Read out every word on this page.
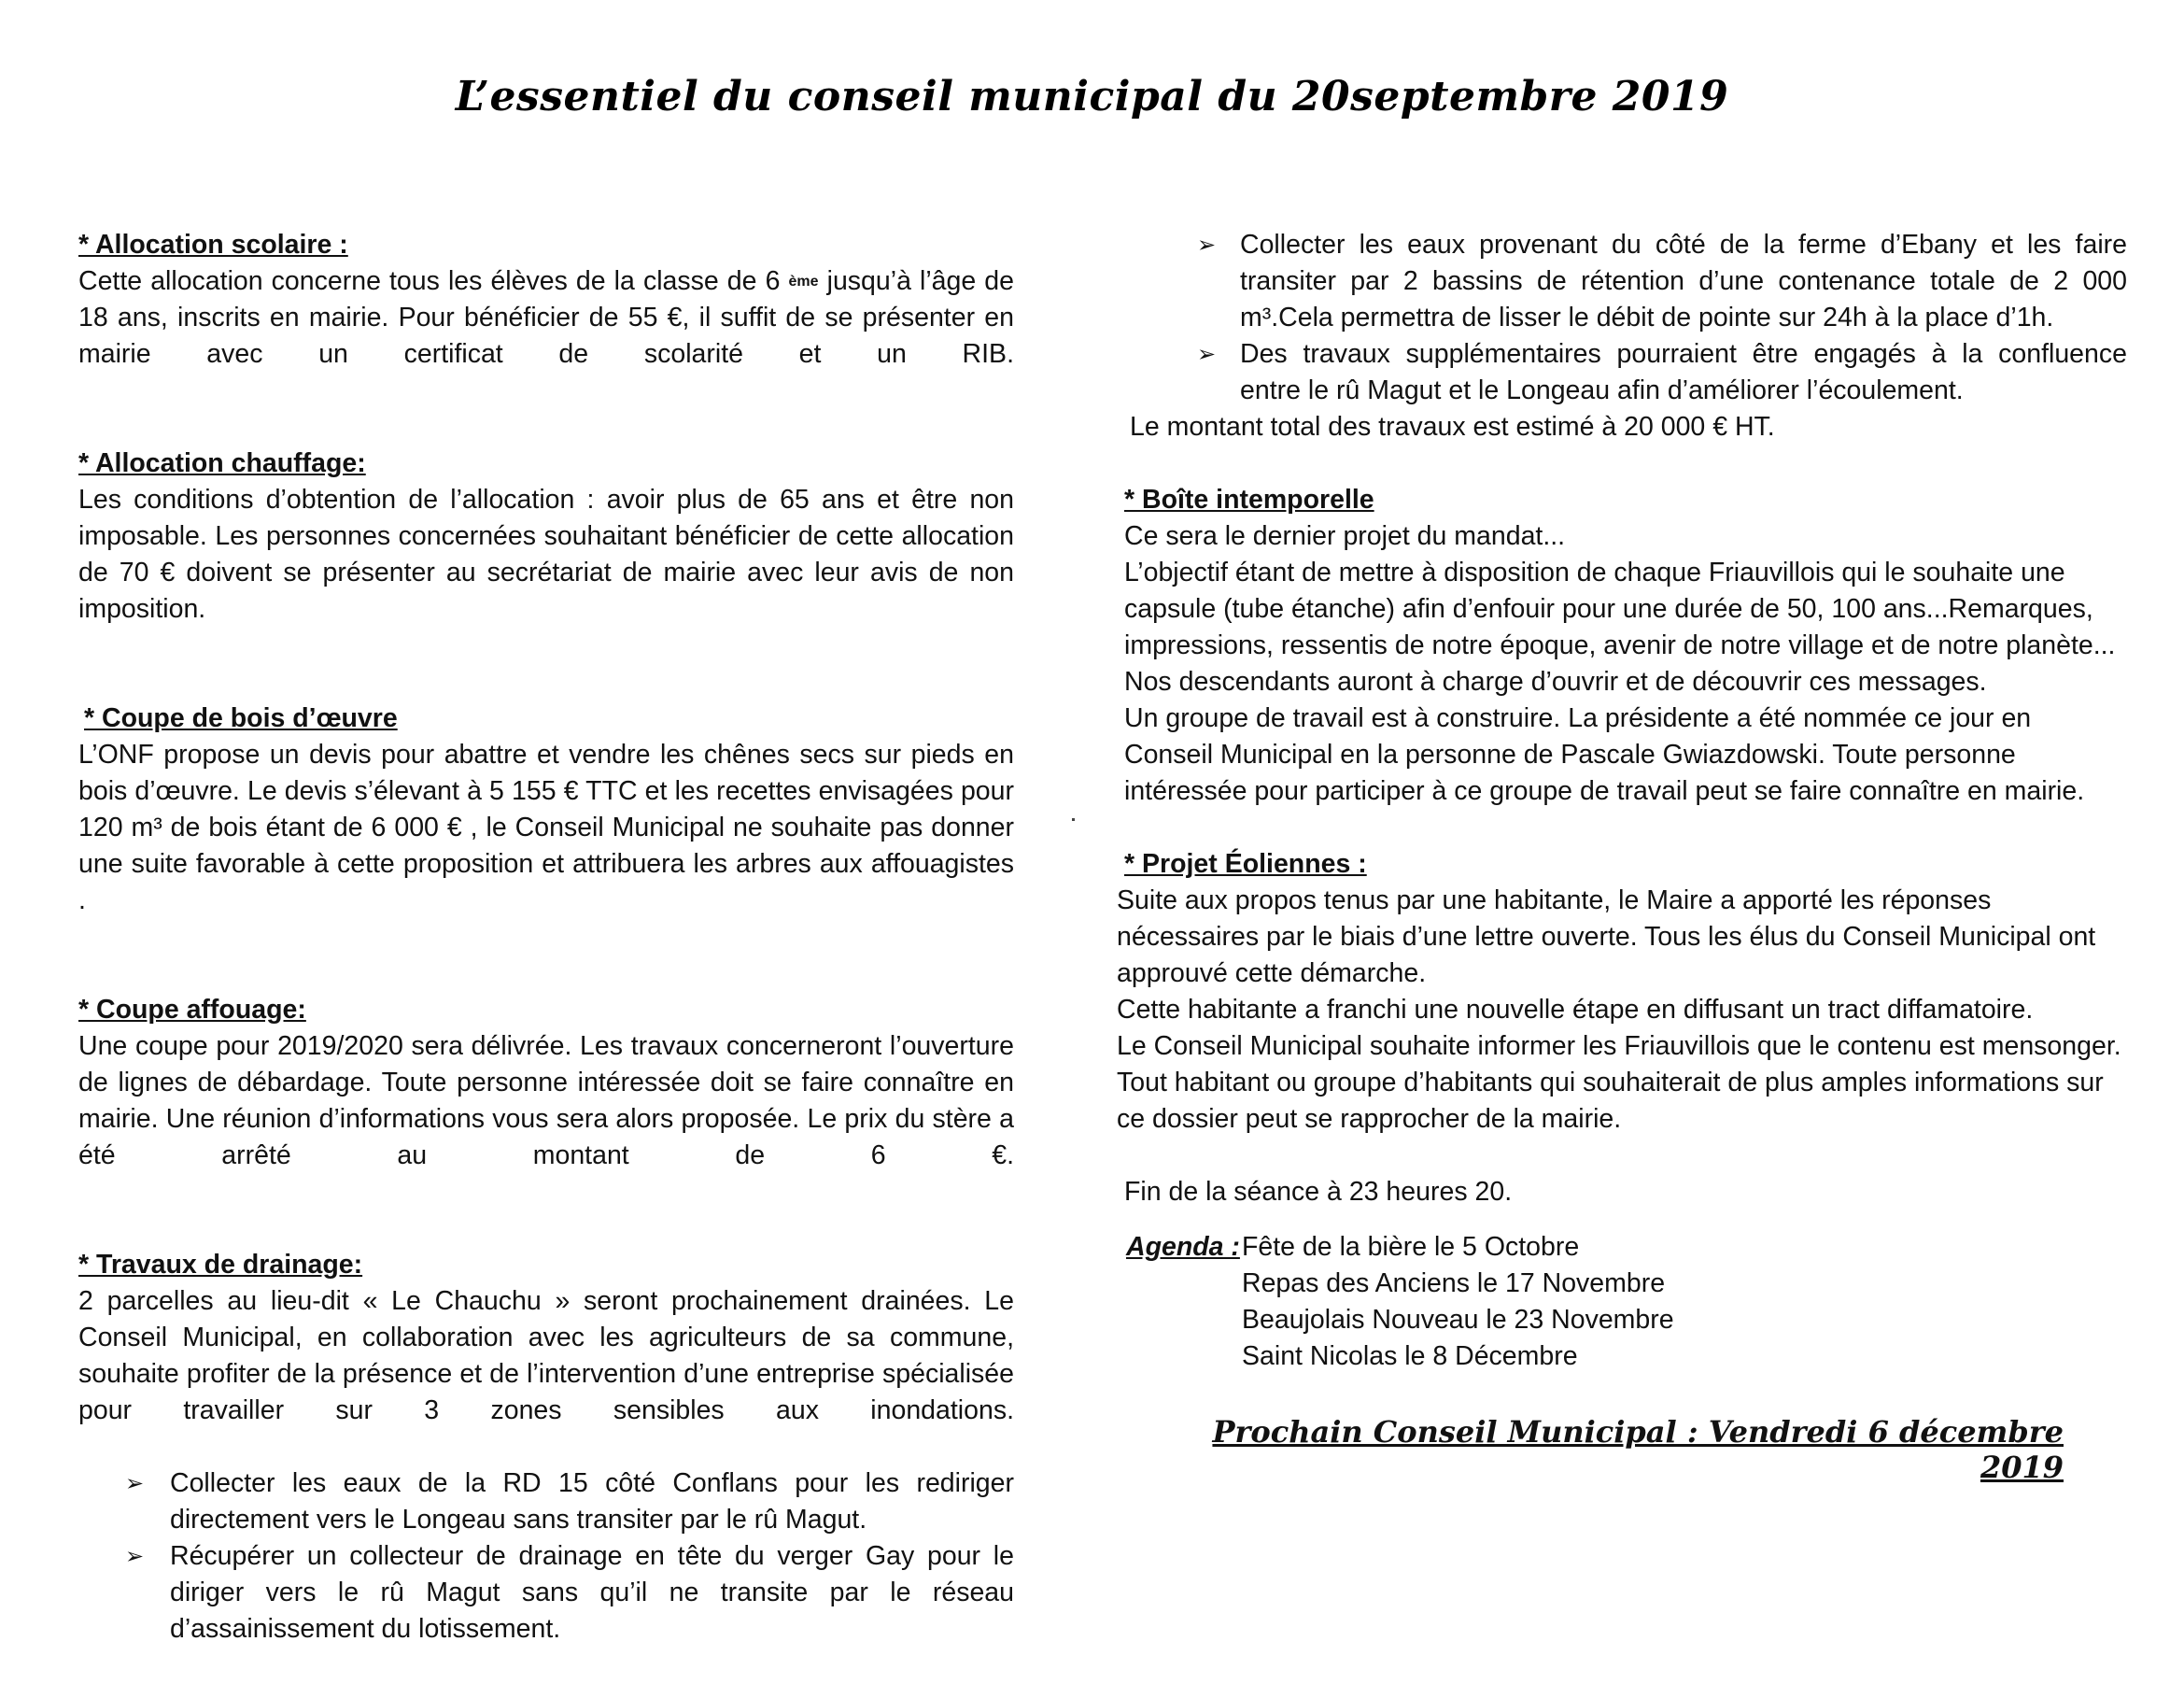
L’essentiel du conseil municipal du 20septembre 2019
* Allocation scolaire :
Cette allocation concerne tous les élèves de la classe de 6 $^{ème}$ jusqu’à l’âge de 18 ans, inscrits en mairie. Pour bénéficier de 55 €, il suffit de se présenter en mairie avec un certificat de scolarité et un RIB.
* Allocation chauffage:
Les conditions d’obtention de l’allocation : avoir plus de 65 ans et être non imposable. Les personnes concernées souhaitant bénéficier de cette allocation de 70 € doivent se présenter au secrétariat de mairie avec leur avis de non imposition.
* Coupe de bois d’œuvre
L’ONF propose un devis pour abattre et vendre les chênes secs sur pieds en bois d’œuvre. Le devis s’élevant à 5 155 € TTC et les recettes envisagées pour 120 m³ de bois étant de 6 000 € , le Conseil Municipal ne souhaite pas donner une suite favorable à cette proposition et attribuera les arbres aux affouagistes .
* Coupe affouage:
Une coupe pour 2019/2020 sera délivrée. Les travaux concerneront l’ouverture de lignes de débardage. Toute personne intéressée doit se faire connaître en mairie. Une réunion d’informations vous sera alors proposée. Le prix du stère a été arrêté au montant de 6 €.
* Travaux de drainage:
2 parcelles au lieu-dit « Le Chauchu » seront prochainement drainées. Le Conseil Municipal, en collaboration avec les agriculteurs de sa commune, souhaite profiter de la présence et de l’intervention d’une entreprise spécialisée pour travailler sur 3 zones sensibles aux inondations.
➢ Collecter les eaux de la RD 15 côté Conflans pour les rediriger directement vers le Longeau sans transiter par le rû Magut.
➢ Récupérer un collecteur de drainage en tête du verger Gay pour le diriger vers le rû Magut sans qu’il ne transite par le réseau d’assainissement du lotissement.
➢ Collecter les eaux provenant du côté de la ferme d’Ebany et les faire transiter par 2 bassins de rétention d’une contenance totale de 2 000 m³.Cela permettra de lisser le débit de pointe sur 24h à la place d’1h.
➢ Des travaux supplémentaires pourraient être engagés à la confluence entre le rû Magut et le Longeau afin d’améliorer l’écoulement.
Le montant total des travaux est estimé à 20 000 € HT.
* Boîte intemporelle
Ce sera le dernier projet du mandat...
L’objectif étant de mettre à disposition de chaque Friauvillois qui le souhaite une capsule (tube étanche) afin d’enfouir pour une durée de 50, 100 ans...Remarques, impressions, ressentis de notre époque, avenir de notre village et de notre planète...
Nos descendants auront à charge d’ouvrir et de découvrir ces messages.
Un groupe de travail est à construire. La présidente a été nommée ce jour en Conseil Municipal en la personne de Pascale Gwiazdowski. Toute personne intéressée pour participer à ce groupe de travail peut se faire connaître en mairie.
* Projet Éoliennes :
Suite aux propos tenus par une habitante, le Maire a apporté les réponses nécessaires par le biais d’une lettre ouverte. Tous les élus du Conseil Municipal ont approuvé cette démarche.
Cette habitante a franchi une nouvelle étape en diffusant un tract diffamatoire.
Le Conseil Municipal souhaite informer les Friauvillois que le contenu est mensonger.
Tout habitant ou groupe d’habitants qui souhaiterait de plus amples informations sur ce dossier peut se rapprocher de la mairie.
Fin de la séance à 23 heures 20.
Agenda : Fête de la bière le 5 Octobre
Repas des Anciens le 17 Novembre
Beaujolais Nouveau le 23 Novembre
Saint Nicolas le 8 Décembre
Prochain Conseil Municipal : Vendredi 6 décembre 2019
